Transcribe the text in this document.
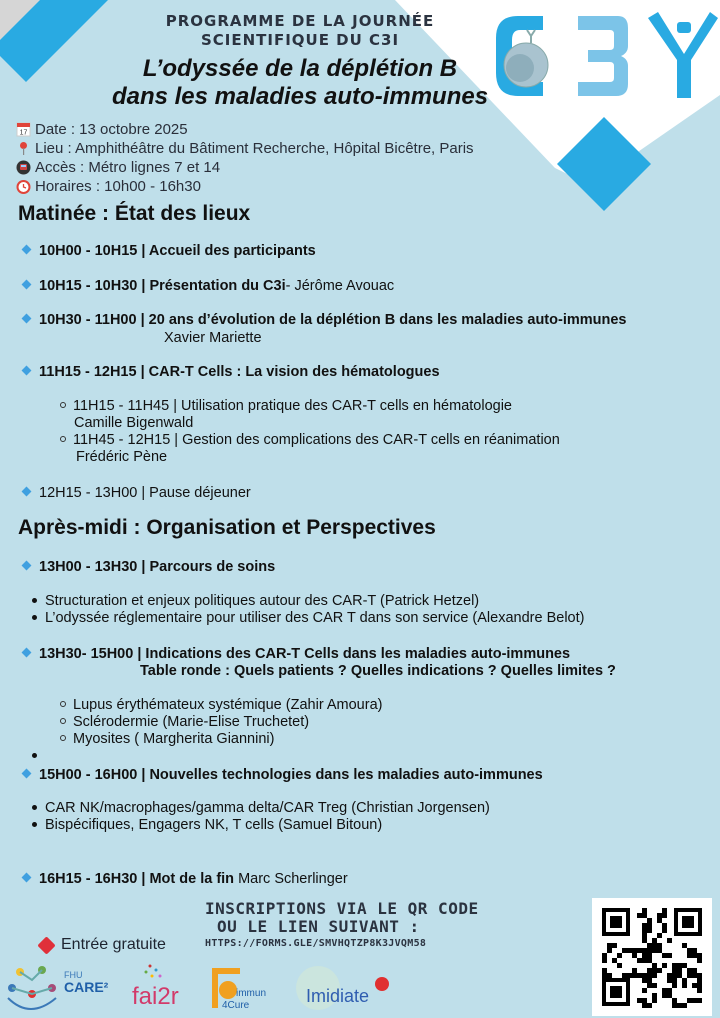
PROGRAMME DE LA JOURNÉE
SCIENTIFIQUE DU C3I
L’odyssée de la déplétion B
dans les maladies auto-immunes
17 Date : 13 octobre 2025
Lieu : Amphithéâtre du Bâtiment Recherche, Hôpital Bicêtre, Paris
Accès : Métro lignes 7 et 14
Horaires : 10h00 - 16h30
Matinée : État des lieux
10H00 - 10H15 | Accueil des participants
10H15 - 10H30 | Présentation du C3i- Jérôme Avouac
10H30 - 11H00 | 20 ans d’évolution de la déplétion B dans les maladies auto-immunes
Xavier Mariette
11H15 - 12H15 | CAR-T Cells : La vision des hématologues
11H15 - 11H45 | Utilisation pratique des CAR-T cells en hématologie
Camille Bigenwald
11H45 - 12H15 | Gestion des complications des CAR-T cells en réanimation
Frédéric Pène
12H15 - 13H00 | Pause déjeuner
Après-midi : Organisation et Perspectives
13H00 - 13H30 | Parcours de soins
Structuration et enjeux politiques autour des CAR-T (Patrick Hetzel)
L’odyssée réglementaire pour utiliser des CAR T dans son service (Alexandre Belot)
13H30- 15H00 | Indications des CAR-T Cells dans les maladies auto-immunes
Table ronde : Quels patients ? Quelles indications ? Quelles limites ?
Lupus érythémateux systémique (Zahir Amoura)
Sclérodermie (Marie-Elise Truchetet)
Myosites ( Margherita Giannini)
15H00 - 16H00 | Nouvelles technologies dans les maladies auto-immunes
CAR NK/macrophages/gamma delta/CAR Treg (Christian Jorgensen)
Bispécifiques, Engagers NK, T cells (Samuel Bitoun)
16H15 - 16H30 | Mot de la fin Marc Scherlinger
INSCRIPTIONS VIA LE QR CODE
OU LE LIEN SUIVANT :
HTTPS://FORMS.GLE/SMVHQTZP8K3JVQM58
Entrée gratuite
FHU
CARE² fai2r	immun
4Cure	Imidiate
